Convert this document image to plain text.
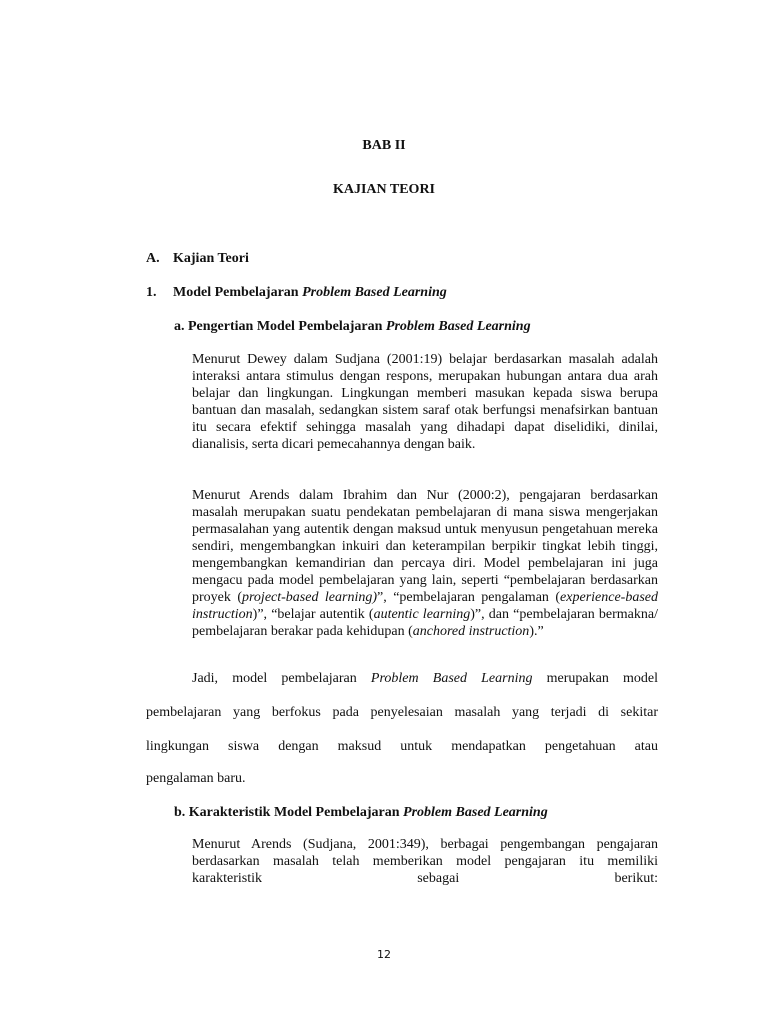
BAB II
KAJIAN TEORI
A. Kajian Teori
1. Model Pembelajaran Problem Based Learning
a. Pengertian Model Pembelajaran Problem Based Learning
Menurut Dewey dalam Sudjana (2001:19) belajar berdasarkan masalah adalah interaksi antara stimulus dengan respons, merupakan hubungan antara dua arah belajar dan lingkungan. Lingkungan memberi masukan kepada siswa berupa bantuan dan masalah, sedangkan sistem saraf otak berfungsi menafsirkan bantuan itu secara efektif sehingga masalah yang dihadapi dapat diselidiki, dinilai, dianalisis, serta dicari pemecahannya dengan baik.
Menurut Arends dalam Ibrahim dan Nur (2000:2), pengajaran berdasarkan masalah merupakan suatu pendekatan pembelajaran di mana siswa mengerjakan permasalahan yang autentik dengan maksud untuk menyusun pengetahuan mereka sendiri, mengembangkan inkuiri dan keterampilan berpikir tingkat lebih tinggi, mengembangkan kemandirian dan percaya diri. Model pembelajaran ini juga mengacu pada model pembelajaran yang lain, seperti “pembelajaran berdasarkan proyek (project-based learning)”, “pembelajaran pengalaman (experience-based instruction)”, “belajar autentik (autentic learning)”, dan “pembelajaran bermakna/ pembelajaran berakar pada kehidupan (anchored instruction).”
Jadi, model pembelajaran Problem Based Learning merupakan model
pembelajaran yang berfokus pada penyelesaian masalah yang terjadi di sekitar
lingkungan siswa dengan maksud untuk mendapatkan pengetahuan atau
pengalaman baru.
b. Karakteristik Model Pembelajaran Problem Based Learning
Menurut Arends (Sudjana, 2001:349), berbagai pengembangan pengajaran
berdasarkan masalah telah memberikan model pengajaran itu memiliki
karakteristik sebagai berikut:
12
